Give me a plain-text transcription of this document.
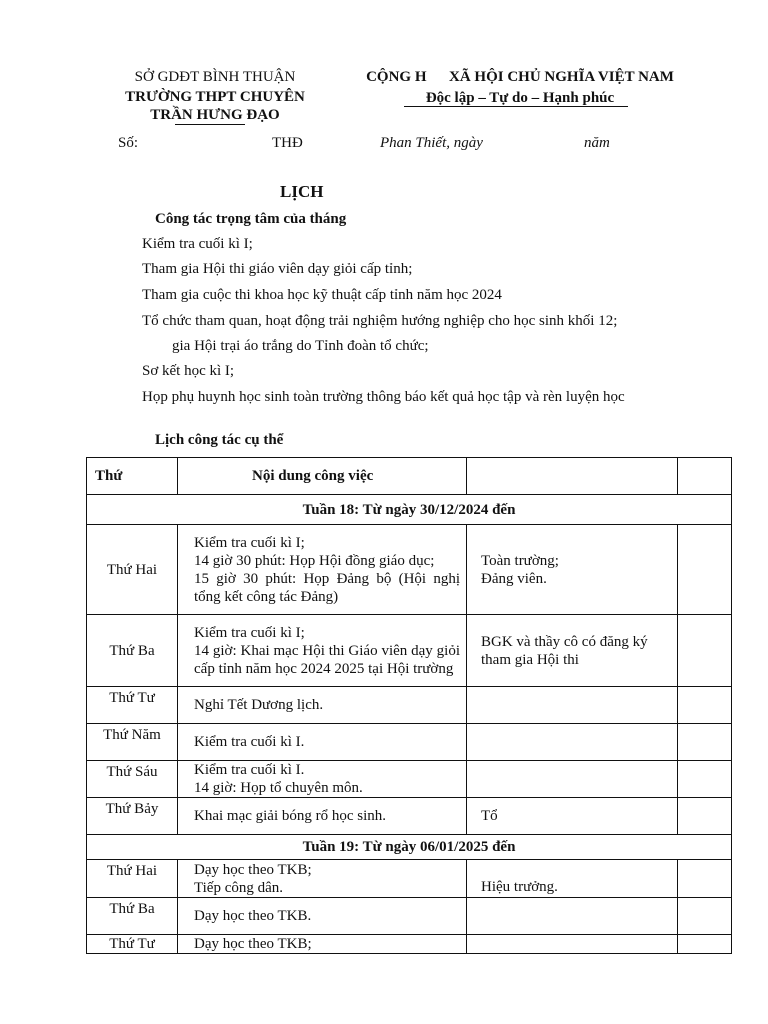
SỞ GDĐT BÌNH THUẬN
TRƯỜNG THPT CHUYÊN
TRẦN HƯNG ĐẠO
CỘNG H      XÃ HỘI CHỦ NGHĨA VIỆT NAM
Độc lập – Tự do – Hạnh phúc
Số:	THĐ	Phan Thiết, ngày	năm
LỊCH
Công tác trọng tâm của tháng
Kiểm tra cuối kì I;
Tham gia Hội thi giáo viên dạy giỏi cấp tỉnh;
Tham gia cuộc thi khoa học kỹ thuật cấp tỉnh năm học 2024
Tổ chức tham quan, hoạt động trải nghiệm hướng nghiệp cho học sinh khối 12;
gia Hội trại áo trắng do Tỉnh đoàn tổ chức;
Sơ kết học kì I;
Họp phụ huynh học sinh toàn trường thông báo kết quả học tập và rèn luyện học
Lịch công tác cụ thể
Thứ	Nội dung công việc		
Tuần 18: Từ ngày 30/12/2024 đến			
Thứ Hai	Kiểm tra cuối kì I;
14 giờ 30 phút: Họp Hội đồng giáo dục;
15 giờ 30 phút: Họp Đảng bộ (Hội nghị tổng kết công tác Đảng)	Toàn trường;
Đảng viên.	

Thứ Ba	Kiểm tra cuối kì I;
14 giờ: Khai mạc Hội thi Giáo viên dạy giỏi cấp tỉnh năm học 2024 2025 tại Hội trường	BGK và thầy cô có đăng ký tham gia Hội thi	

Thứ Tư	Nghỉ Tết Dương lịch.		

Thứ Năm	Kiểm tra cuối kì I.		

Thứ Sáu	Kiểm tra cuối kì I.
14 giờ: Họp tổ chuyên môn.		

Thứ Bảy	Khai mạc giải bóng rổ học sinh.	Tổ	

Tuần 19: Từ ngày 06/01/2025 đến			
Thứ Hai	Dạy học theo TKB;
Tiếp công dân.	Hiệu trưởng.	

Thứ Ba	Dạy học theo TKB.		

Thứ Tư	Dạy học theo TKB;		
